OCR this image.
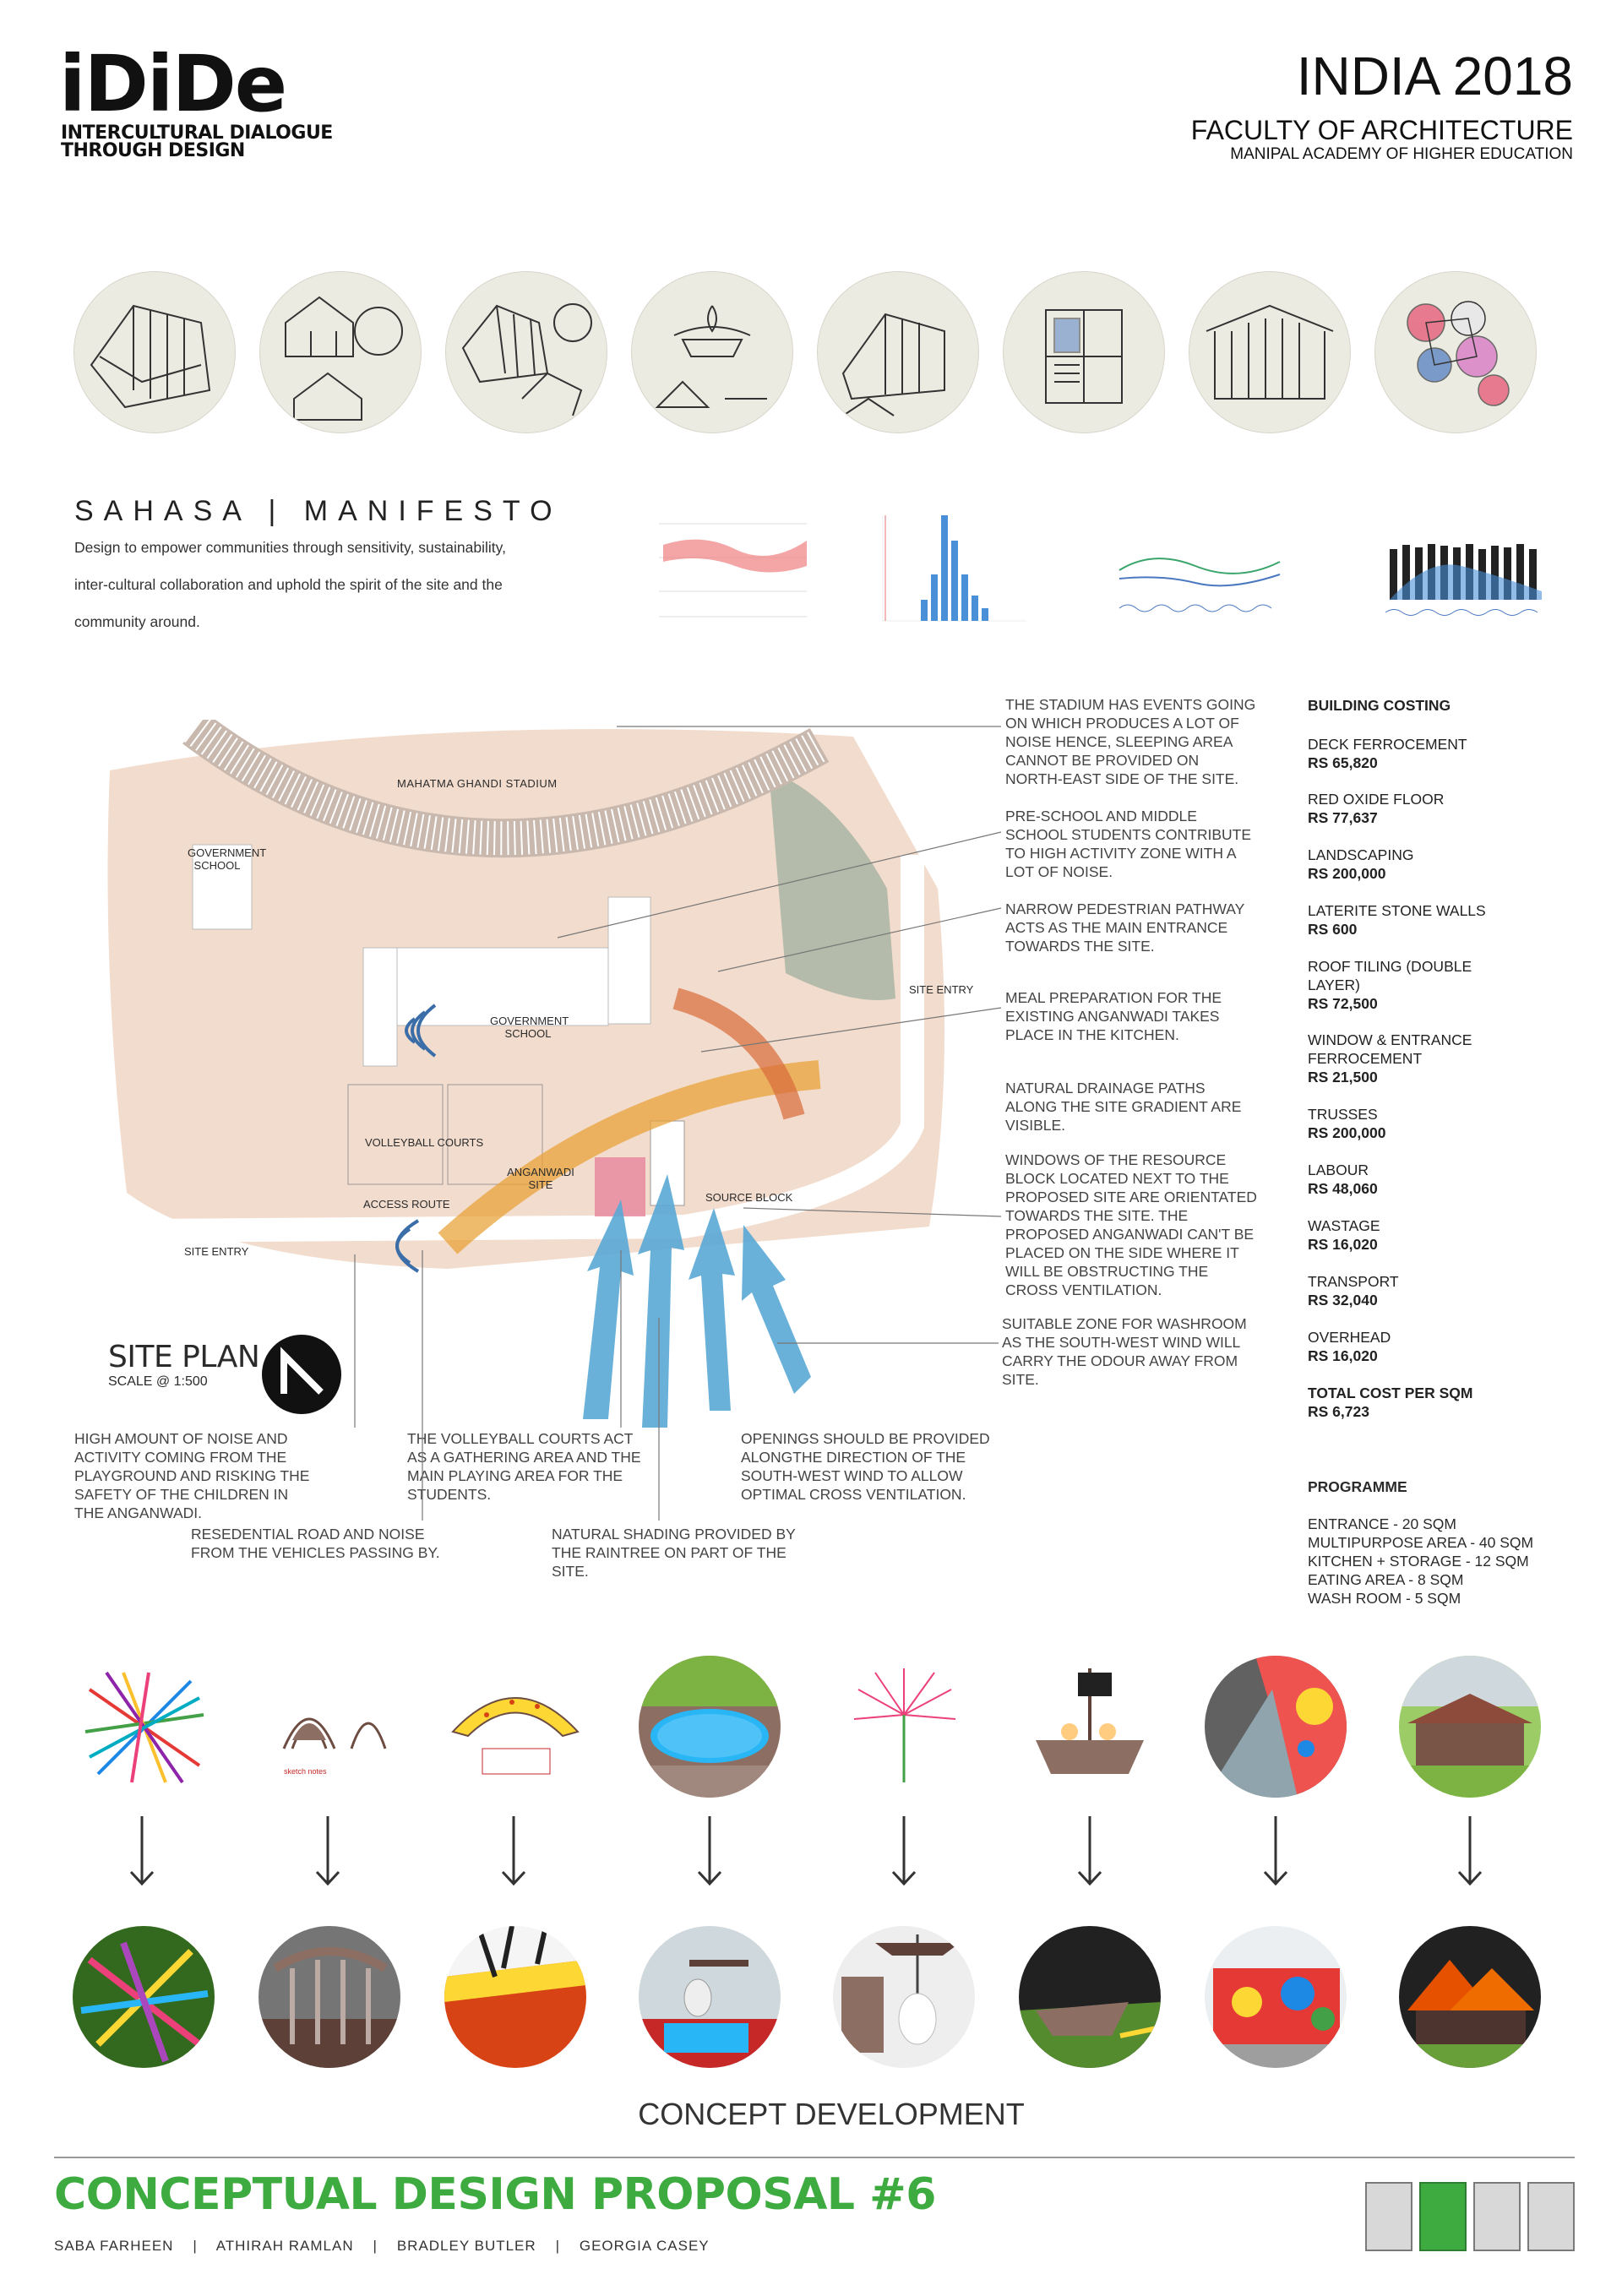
iDiDe
INTERCULTURAL DIALOGUE
THROUGH DESIGN
INDIA 2018
FACULTY OF ARCHITECTURE
MANIPAL ACADEMY OF HIGHER EDUCATION
SAHASA | MANIFESTO
Design to empower communities through sensitivity, sustainability,
inter-cultural collaboration and uphold the spirit of the site and the
community around.
MAHATMA GHANDI STADIUM
GOVERNMENT SCHOOL
GOVERNMENT SCHOOL
VOLLEYBALL COURTS
ANGANWADI SITE
SOURCE BLOCK
ACCESS ROUTE
SITE ENTRY
SITE ENTRY
SITE PLAN
SCALE @ 1:500
THE STADIUM HAS EVENTS GOING ON WHICH PRODUCES A LOT OF NOISE HENCE, SLEEPING AREA CANNOT BE PROVIDED ON NORTH-EAST SIDE OF THE SITE.
PRE-SCHOOL AND MIDDLE SCHOOL STUDENTS CONTRIBUTE TO HIGH ACTIVITY ZONE WITH A LOT OF NOISE.
NARROW PEDESTRIAN PATHWAY ACTS AS THE MAIN ENTRANCE TOWARDS THE SITE.
MEAL PREPARATION FOR THE EXISTING ANGANWADI TAKES PLACE IN THE KITCHEN.
NATURAL DRAINAGE PATHS ALONG THE SITE GRADIENT ARE VISIBLE.
WINDOWS OF THE RESOURCE BLOCK LOCATED NEXT TO THE PROPOSED SITE ARE ORIENTATED TOWARDS THE SITE. THE PROPOSED ANGANWADI CAN'T BE PLACED ON THE SIDE WHERE IT WILL BE OBSTRUCTING THE CROSS VENTILATION.
SUITABLE ZONE FOR WASHROOM AS THE SOUTH-WEST WIND WILL CARRY THE ODOUR AWAY FROM SITE.
HIGH AMOUNT OF NOISE AND ACTIVITY COMING FROM THE PLAYGROUND AND RISKING THE SAFETY OF THE CHILDREN IN THE ANGANWADI.
RESEDENTIAL ROAD AND NOISE FROM THE VEHICLES PASSING BY.
THE VOLLEYBALL COURTS ACT AS A GATHERING AREA AND THE MAIN PLAYING AREA FOR THE STUDENTS.
NATURAL SHADING PROVIDED BY THE RAINTREE ON PART OF THE SITE.
OPENINGS SHOULD BE PROVIDED ALONGTHE DIRECTION OF THE SOUTH-WEST WIND TO ALLOW OPTIMAL CROSS VENTILATION.
BUILDING COSTING
DECK FERROCEMENT
RS 65,820
RED OXIDE FLOOR
RS 77,637
LANDSCAPING
RS 200,000
LATERITE STONE WALLS
RS 600
ROOF TILING (DOUBLE LAYER)
RS 72,500
WINDOW & ENTRANCE FERROCEMENT
RS 21,500
TRUSSES
RS 200,000
LABOUR
RS 48,060
WASTAGE
RS 16,020
TRANSPORT
RS 32,040
OVERHEAD
RS 16,020
TOTAL COST PER SQM
RS 6,723
PROGRAMME
ENTRANCE - 20 SQM
MULTIPURPOSE AREA - 40 SQM
KITCHEN + STORAGE - 12 SQM
EATING AREA - 8 SQM
WASH ROOM - 5 SQM
sketch notes
CONCEPT DEVELOPMENT
CONCEPTUAL DESIGN PROPOSAL #6
SABA FARHEEN    |    ATHIRAH RAMLAN    |    BRADLEY BUTLER    |    GEORGIA CASEY
